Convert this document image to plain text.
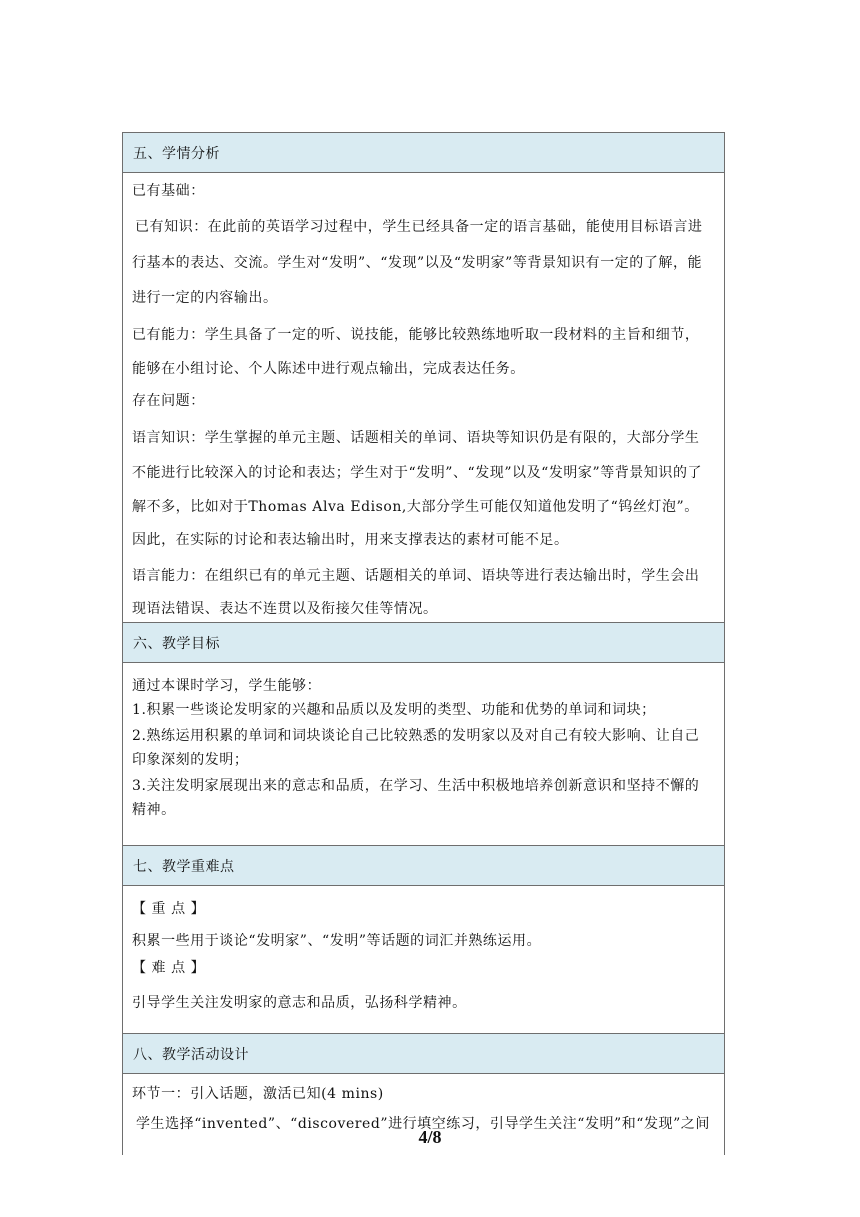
五、学情分析
已有基础：
已有知识：在此前的英语学习过程中，学生已经具备一定的语言基础，能使用目标语言进
行基本的表达、交流。学生对“发明”、“发现”以及“发明家”等背景知识有一定的了解，能
进行一定的内容输出。
已有能力：学生具备了一定的听、说技能，能够比较熟练地听取一段材料的主旨和细节，
能够在小组讨论、个人陈述中进行观点输出，完成表达任务。
存在问题：
语言知识：学生掌握的单元主题、话题相关的单词、语块等知识仍是有限的，大部分学生
不能进行比较深入的讨论和表达；学生对于“发明”、“发现”以及“发明家”等背景知识的了
解不多，比如对于Thomas Alva Edison,大部分学生可能仅知道他发明了“钨丝灯泡”。
因此，在实际的讨论和表达输出时，用来支撑表达的素材可能不足。
语言能力：在组织已有的单元主题、话题相关的单词、语块等进行表达输出时，学生会出
现语法错误、表达不连贯以及衔接欠佳等情况。
六、教学目标
通过本课时学习，学生能够：
1.积累一些谈论发明家的兴趣和品质以及发明的类型、功能和优势的单词和词块；
2.熟练运用积累的单词和词块谈论自己比较熟悉的发明家以及对自己有较大影响、让自己
印象深刻的发明；
3.关注发明家展现出来的意志和品质，在学习、生活中积极地培养创新意识和坚持不懈的
精神。
七、教学重难点
【 重 点 】
积累一些用于谈论“发明家”、“发明”等话题的词汇并熟练运用。
【 难 点 】
引导学生关注发明家的意志和品质，弘扬科学精神。
八、教学活动设计
环节一：引入话题，激活已知(4 mins)
学生选择“invented”、“discovered”进行填空练习，引导学生关注“发明”和“发现”之间
4/8
